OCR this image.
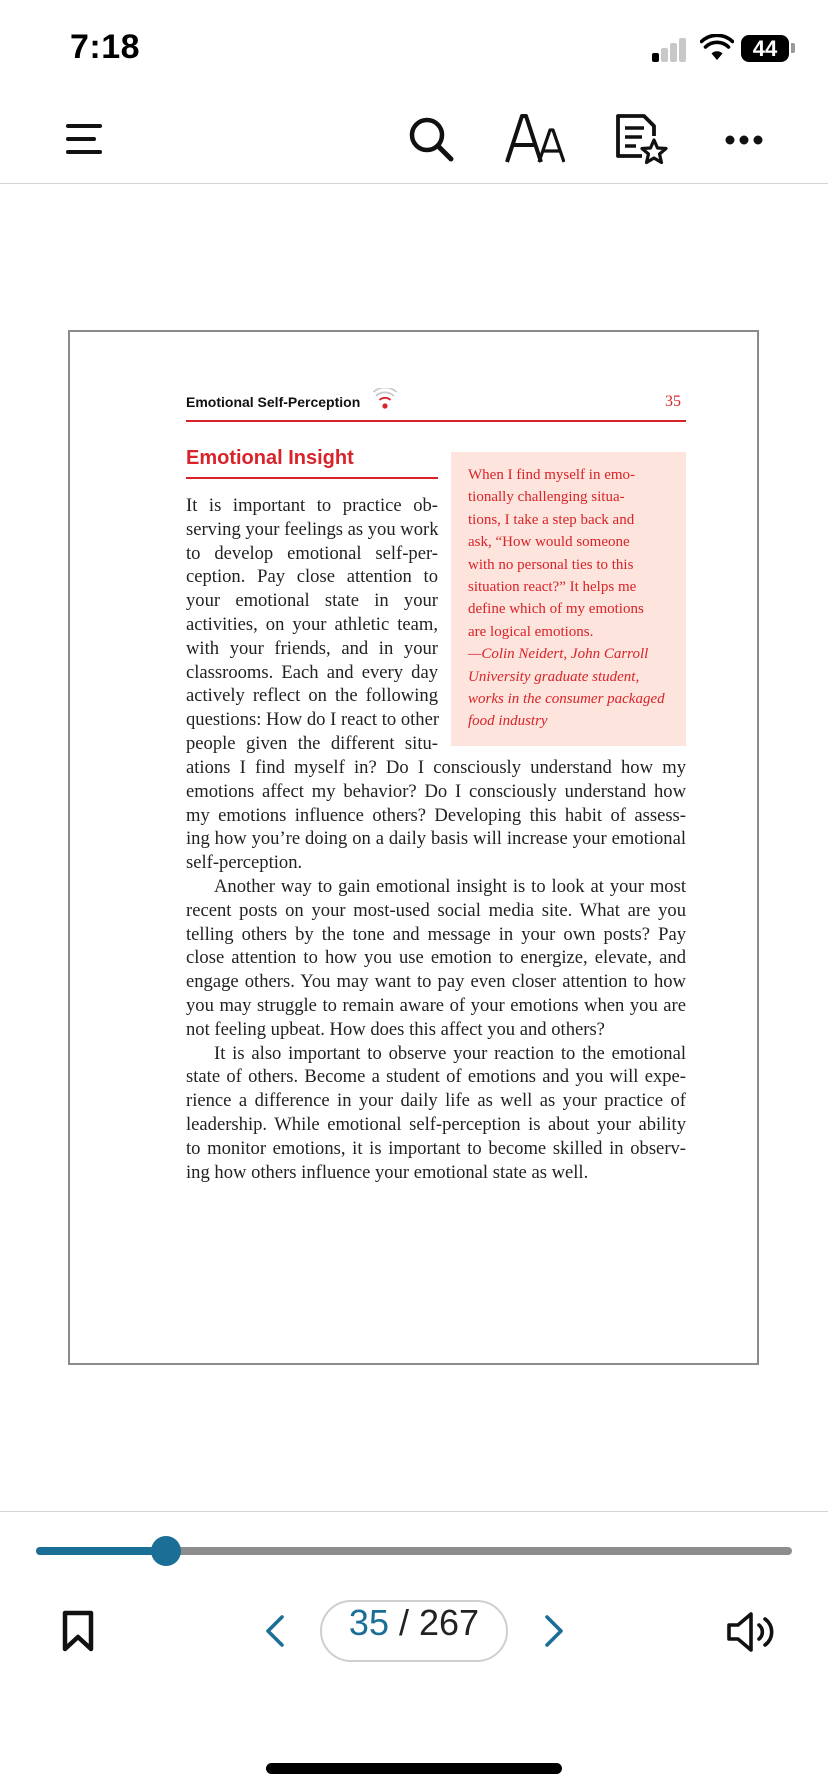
7:18	44
Emotional Self-Perception	35
Emotional Insight
When I find myself in emo-
tionally challenging situa-
tions, I take a step back and
ask, “How would someone
with no personal ties to this
situation react?” It helps me
define which of my emotions
are logical emotions.
—Colin Neidert, John Carroll
University graduate student,
works in the consumer packaged
food industry
It is important to practice ob-
serving your feelings as you work
to develop emotional self-per-
ception. Pay close attention to
your emotional state in your
activities, on your athletic team,
with your friends, and in your
classrooms. Each and every day
actively reflect on the following
questions: How do I react to other
people given the different situ-
ations I find myself in? Do I consciously understand how my
emotions affect my behavior? Do I consciously understand how
my emotions influence others? Developing this habit of assess-
ing how you’re doing on a daily basis will increase your emotional
self-perception.
Another way to gain emotional insight is to look at your most
recent posts on your most-used social media site. What are you
telling others by the tone and message in your own posts? Pay
close attention to how you use emotion to energize, elevate, and
engage others. You may want to pay even closer attention to how
you may struggle to remain aware of your emotions when you are
not feeling upbeat. How does this affect you and others?
It is also important to observe your reaction to the emotional
state of others. Become a student of emotions and you will expe-
rience a difference in your daily life as well as your practice of
leadership. While emotional self-perception is about your ability
to monitor emotions, it is important to become skilled in observ-
ing how others influence your emotional state as well.
35 / 267
